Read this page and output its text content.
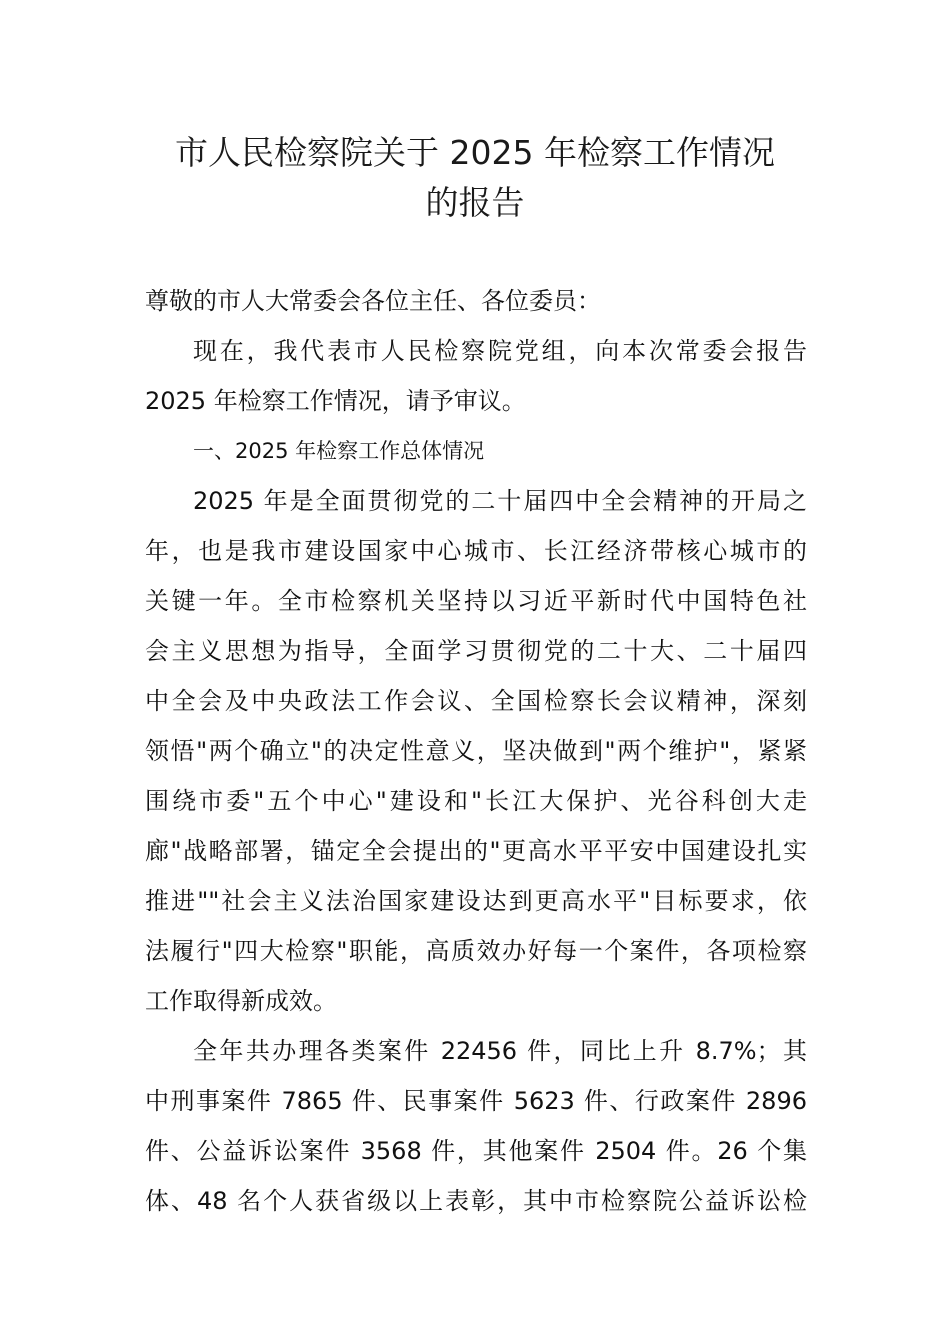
市人民检察院关于 2025 年检察工作情况
的报告
尊敬的市人大常委会各位主任、各位委员：
现在，我代表市人民检察院党组，向本次常委会报告
2025 年检察工作情况，请予审议。
一、2025 年检察工作总体情况
2025 年是全面贯彻党的二十届四中全会精神的开局之
年，也是我市建设国家中心城市、长江经济带核心城市的
关键一年。全市检察机关坚持以习近平新时代中国特色社
会主义思想为指导，全面学习贯彻党的二十大、二十届四
中全会及中央政法工作会议、全国检察长会议精神，深刻
领悟"两个确立"的决定性意义，坚决做到"两个维护"，紧紧
围绕市委"五个中心"建设和"长江大保护、光谷科创大走
廊"战略部署，锚定全会提出的"更高水平平安中国建设扎实
推进""社会主义法治国家建设达到更高水平"目标要求，依
法履行"四大检察"职能，高质效办好每一个案件，各项检察
工作取得新成效。
全年共办理各类案件 22456 件，同比上升 8.7%；其
中刑事案件 7865 件、民事案件 5623 件、行政案件 2896
件、公益诉讼案件 3568 件，其他案件 2504 件。26 个集
体、48 名个人获省级以上表彰，其中市检察院公益诉讼检
